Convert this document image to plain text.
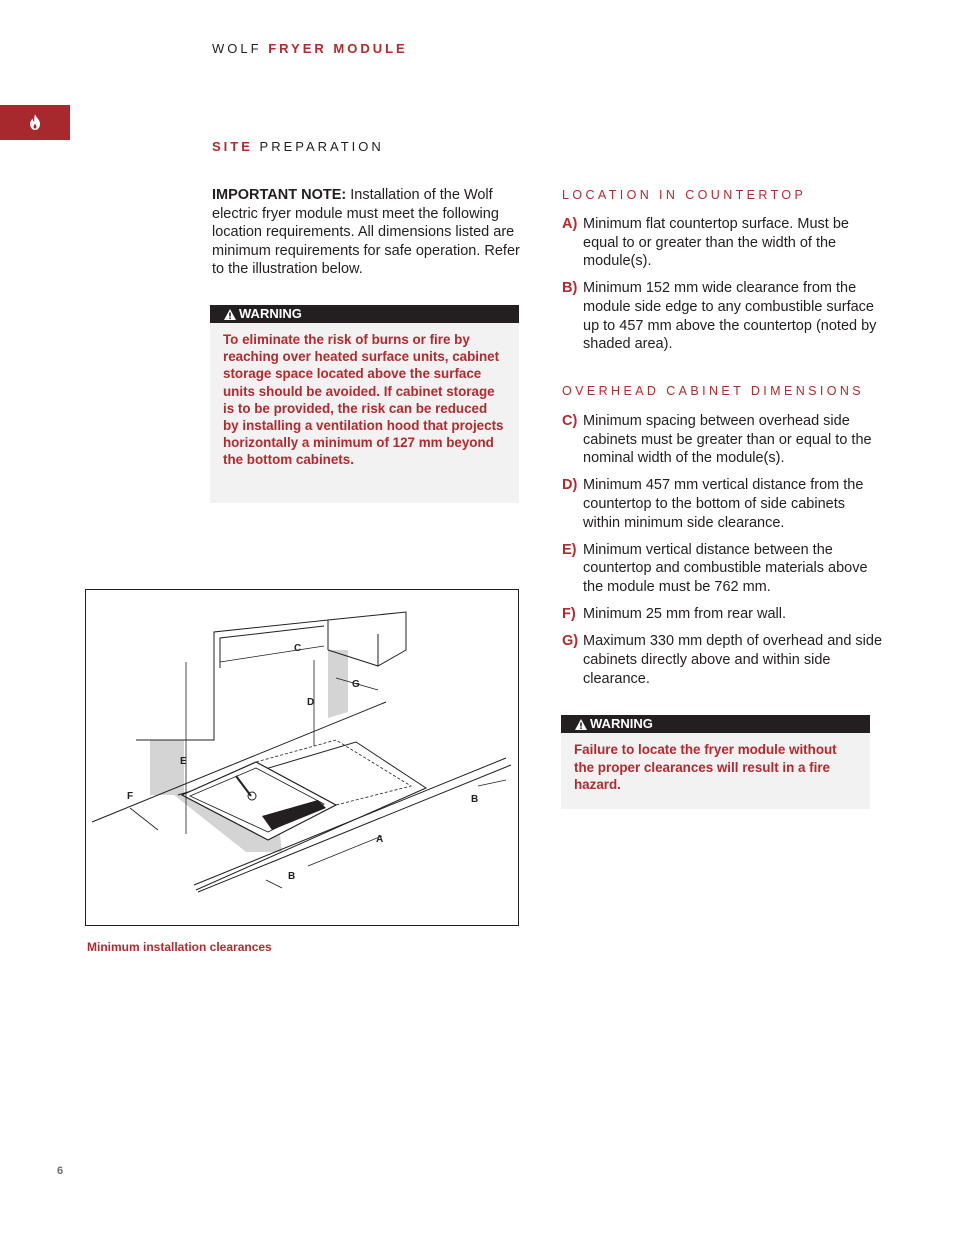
WOLF FRYER MODULE
SITE PREPARATION
IMPORTANT NOTE: Installation of the Wolf electric fryer module must meet the following location requirements. All dimensions listed are minimum requirements for safe operation. Refer to the illustration below.
WARNING
To eliminate the risk of burns or fire by reaching over heated surface units, cabinet storage space located above the surface units should be avoided. If cabinet storage is to be provided, the risk can be reduced by installing a ventilation hood that projects horizontally a minimum of 127 mm beyond the bottom cabinets.
LOCATION IN COUNTERTOP
A) Minimum flat countertop surface. Must be equal to or greater than the width of the module(s).
B) Minimum 152 mm wide clearance from the module side edge to any combustible surface up to 457 mm above the countertop (noted by shaded area).
OVERHEAD CABINET DIMENSIONS
C) Minimum spacing between overhead side cabinets must be greater than or equal to the nominal width of the module(s).
D) Minimum 457 mm vertical distance from the countertop to the bottom of side cabinets within minimum side clearance.
E) Minimum vertical distance between the countertop and combustible materials above the module must be 762 mm.
F) Minimum 25 mm from rear wall.
G) Maximum 330 mm depth of overhead and side cabinets directly above and within side clearance.
WARNING
Failure to locate the fryer module without the proper clearances will result in a fire hazard.
C
D
G
E
F	B
A
B
Minimum installation clearances
6
